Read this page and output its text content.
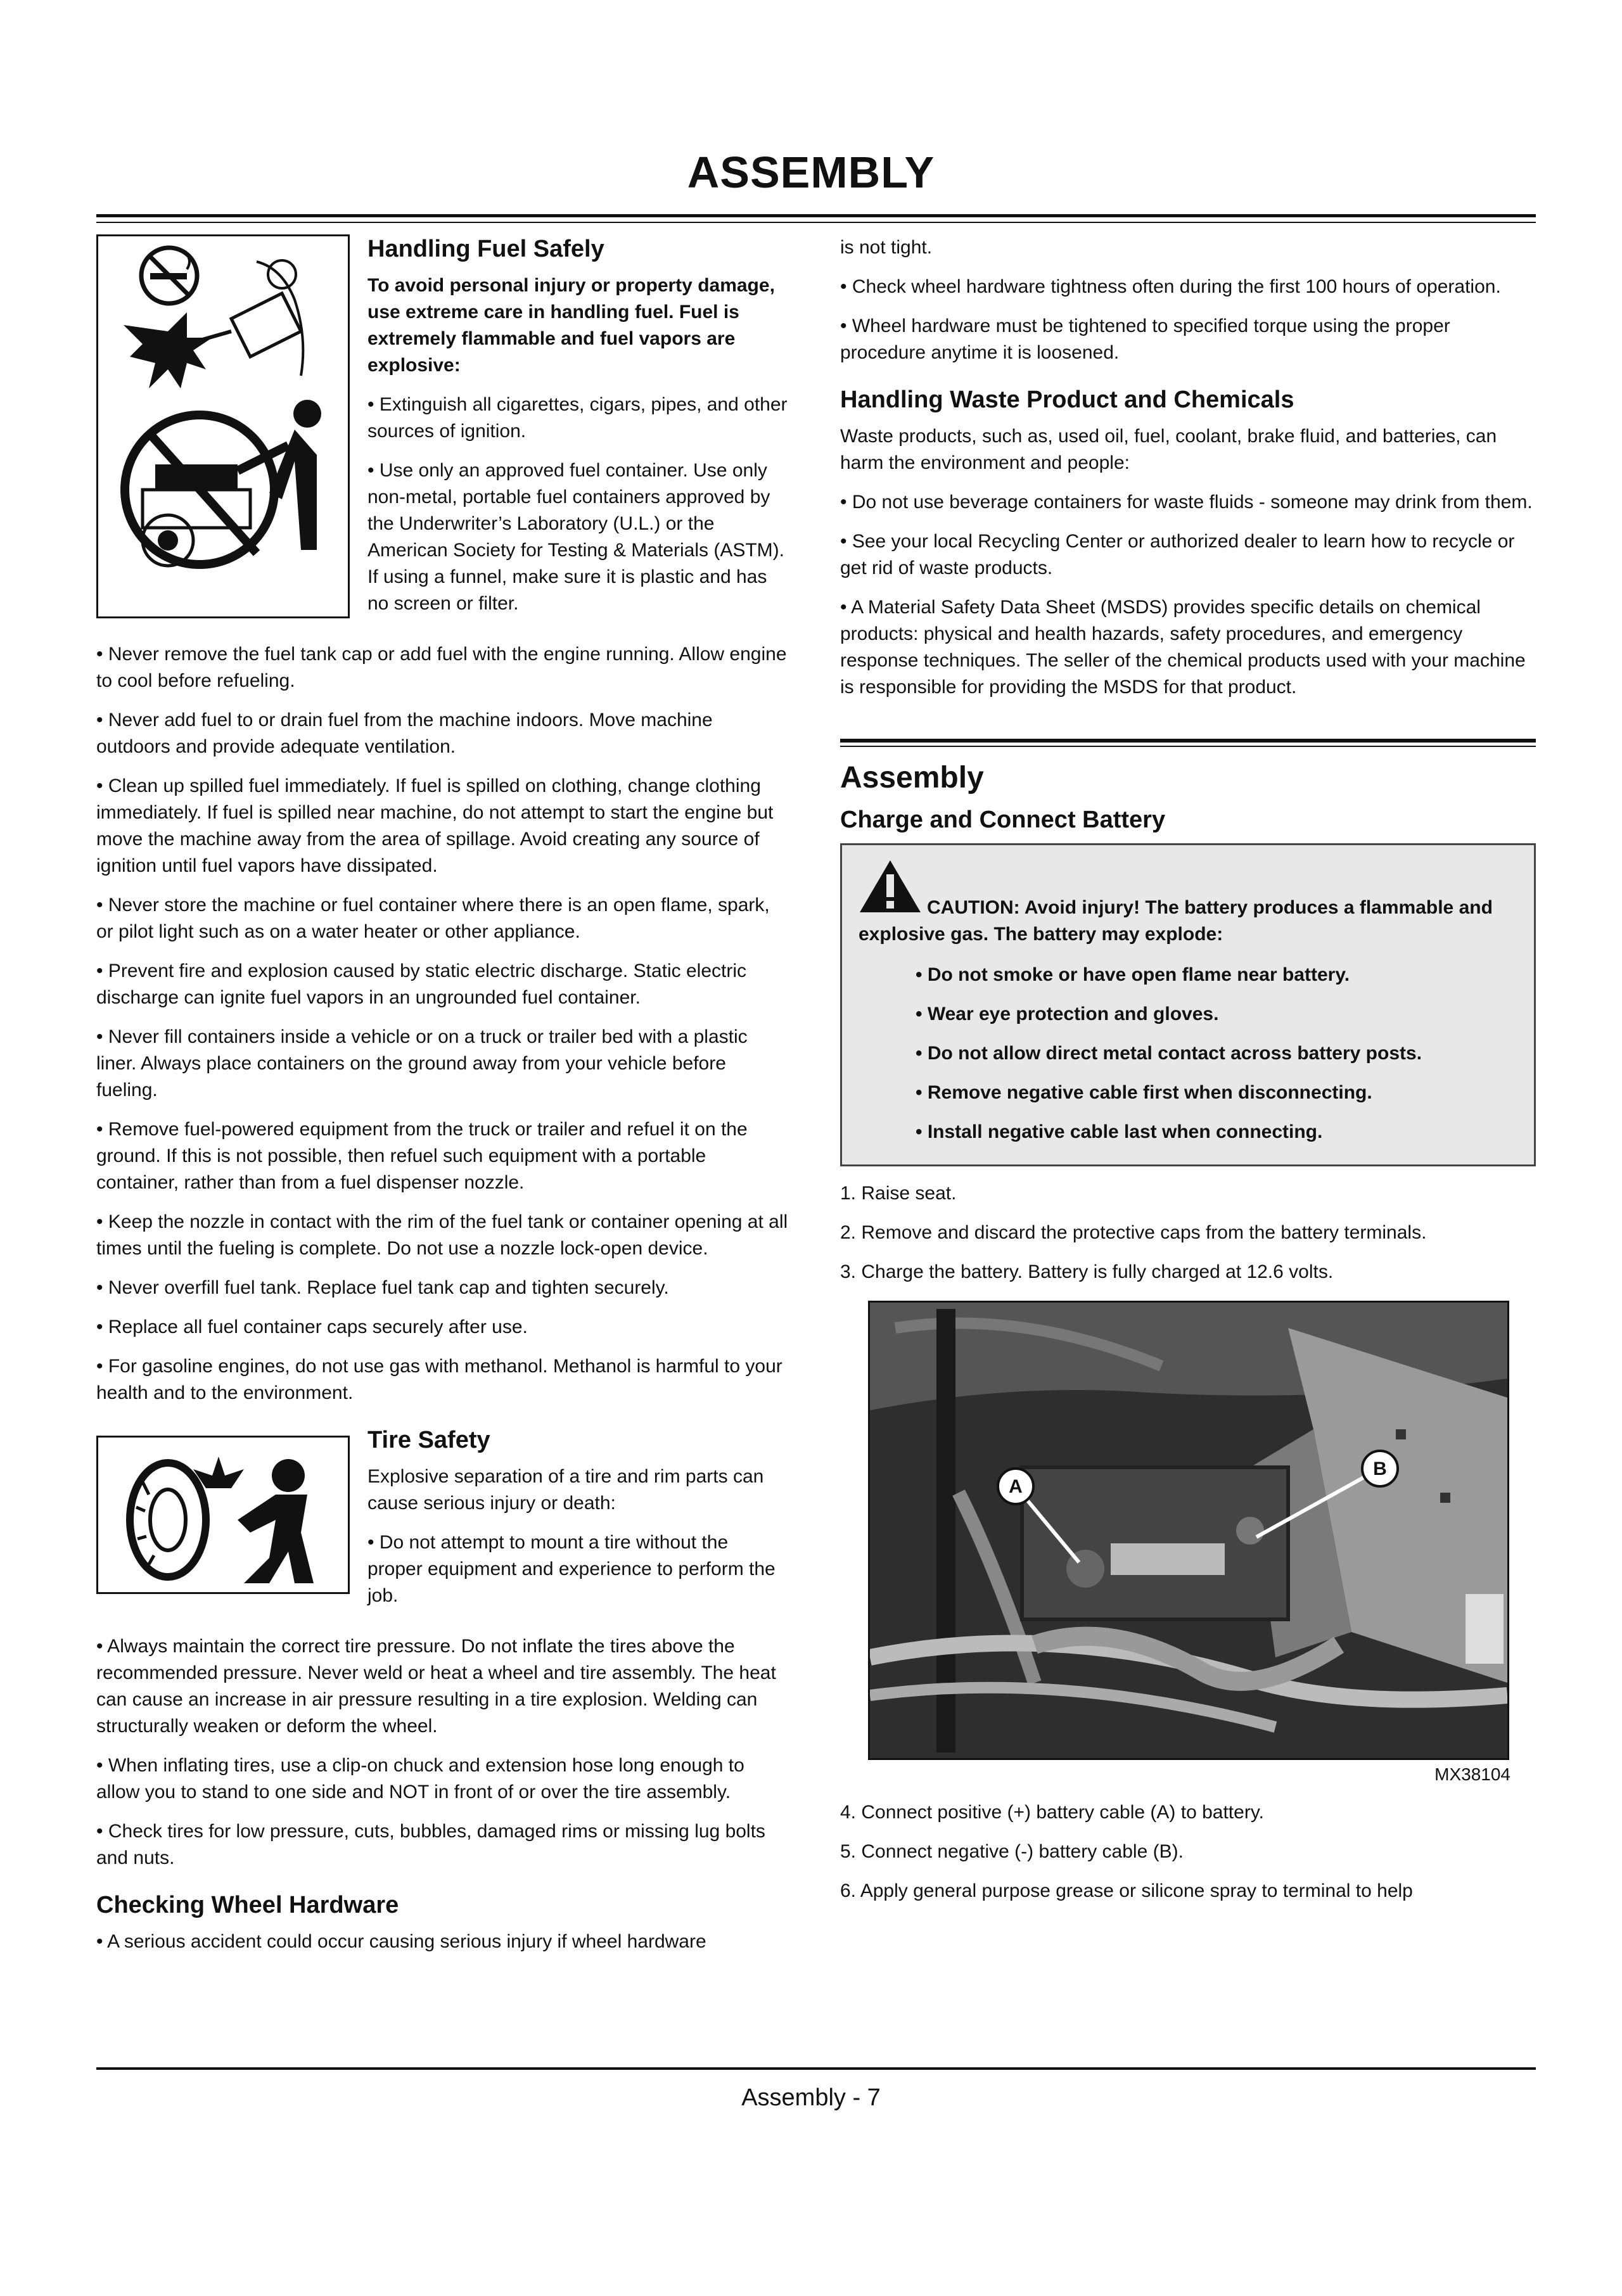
ASSEMBLY
Handling Fuel Safely

To avoid personal injury or property damage, use extreme care in handling fuel. Fuel is extremely flammable and fuel vapors are explosive:

• Extinguish all cigarettes, cigars, pipes, and other sources of ignition.

• Use only an approved fuel container. Use only non-metal, portable fuel containers approved by the Underwriter’s Laboratory (U.L.) or the American Society for Testing & Materials (ASTM). If using a funnel, make sure it is plastic and has no screen or filter.

• Never remove the fuel tank cap or add fuel with the engine running. Allow engine to cool before refueling.

• Never add fuel to or drain fuel from the machine indoors. Move machine outdoors and provide adequate ventilation.

• Clean up spilled fuel immediately. If fuel is spilled on clothing, change clothing immediately. If fuel is spilled near machine, do not attempt to start the engine but move the machine away from the area of spillage. Avoid creating any source of ignition until fuel vapors have dissipated.

• Never store the machine or fuel container where there is an open flame, spark, or pilot light such as on a water heater or other appliance.

• Prevent fire and explosion caused by static electric discharge. Static electric discharge can ignite fuel vapors in an ungrounded fuel container.

• Never fill containers inside a vehicle or on a truck or trailer bed with a plastic liner. Always place containers on the ground away from your vehicle before fueling.

• Remove fuel-powered equipment from the truck or trailer and refuel it on the ground. If this is not possible, then refuel such equipment with a portable container, rather than from a fuel dispenser nozzle.

• Keep the nozzle in contact with the rim of the fuel tank or container opening at all times until the fueling is complete. Do not use a nozzle lock-open device.

• Never overfill fuel tank. Replace fuel tank cap and tighten securely.

• Replace all fuel container caps securely after use.

• For gasoline engines, do not use gas with methanol. Methanol is harmful to your health and to the environment.

Tire Safety

Explosive separation of a tire and rim parts can cause serious injury or death:

• Do not attempt to mount a tire without the proper equipment and experience to perform the job.

• Always maintain the correct tire pressure. Do not inflate the tires above the recommended pressure. Never weld or heat a wheel and tire assembly. The heat can cause an increase in air pressure resulting in a tire explosion. Welding can structurally weaken or deform the wheel.

• When inflating tires, use a clip-on chuck and extension hose long enough to allow you to stand to one side and NOT in front of or over the tire assembly.

• Check tires for low pressure, cuts, bubbles, damaged rims or missing lug bolts and nuts.

Checking Wheel Hardware

• A serious accident could occur causing serious injury if wheel hardware

is not tight.

• Check wheel hardware tightness often during the first 100 hours of operation.

• Wheel hardware must be tightened to specified torque using the proper procedure anytime it is loosened.

Handling Waste Product and Chemicals

Waste products, such as, used oil, fuel, coolant, brake fluid, and batteries, can harm the environment and people:

• Do not use beverage containers for waste fluids - someone may drink from them.

• See your local Recycling Center or authorized dealer to learn how to recycle or get rid of waste products.

• A Material Safety Data Sheet (MSDS) provides specific details on chemical products: physical and health hazards, safety procedures, and emergency response techniques. The seller of the chemical products used with your machine is responsible for providing the MSDS for that product.

Assembly
Charge and Connect Battery
CAUTION: Avoid injury! The battery produces a flammable and explosive gas. The battery may explode:
• Do not smoke or have open flame near battery.
• Wear eye protection and gloves.
• Do not allow direct metal contact across battery posts.
• Remove negative cable first when disconnecting.
• Install negative cable last when connecting.

1. Raise seat.

2. Remove and discard the protective caps from the battery terminals.

3. Charge the battery. Battery is fully charged at 12.6 volts.

A
B
MX38104

4. Connect positive (+) battery cable (A) to battery.

5. Connect negative (-) battery cable (B).

6. Apply general purpose grease or silicone spray to terminal to help

Assembly - 7
